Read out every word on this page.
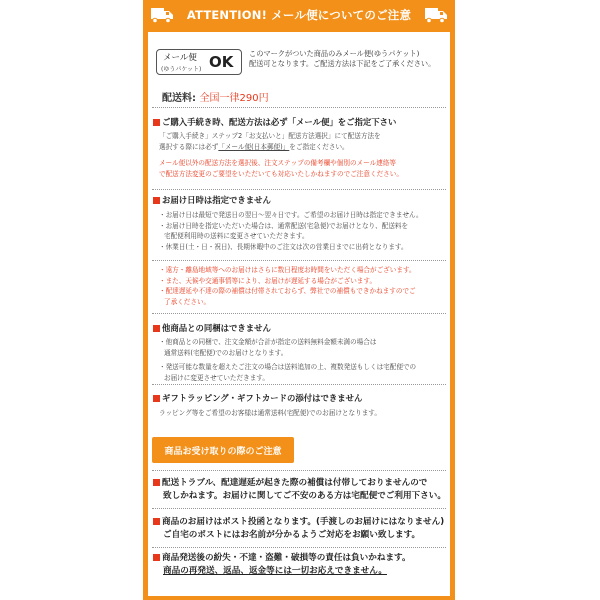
ATTENTION! メール便についてのご注意
メール便
(ゆうパケット) OK このマークがついた商品のみメール便(ゆうパケット)
配送可となります。ご配送方法は下記をご了承ください。
配送料: 全国一律290円
ご購入手続き時、配送方法は必ず「メール便」をご指定下さい
「ご購入手続き」ステップ2「お支払いと」配送方法選択」にて配送方法を
選択する際には必ず「メール便(日本郵便)」をご指定ください。
メール便以外の配送方法を選択後、注文ステップの備考欄や個別のメール連絡等
で配送方法変更のご要望をいただいても対応いたしかねますのでご注意ください。
お届け日時は指定できません
・お届け日は最短で発送日の翌日〜翌々日です。ご希望のお届け日時は指定できません。
・お届け日時を指定いただいた場合は、通常配送(宅急便)でお届けとなり、配送料を
宅配便利用時の送料に変更させていただきます。
・休業日(土・日・祝日)、長期休暇中のご注文は次の営業日までに出荷となります。
・遠方・離島地域等へのお届けはさらに数日程度お時間をいただく場合がございます。
・また、天候や交通事情等により、お届けが遅延する場合がございます。
・配達遅延や不達の際の補償は付帯されておらず、弊社での補償もできかねますのでご
了承ください。
他商品との同梱はできません
・他商品との同梱で、注文金額が合計が指定の送料無料金額未満の場合は
通常送料(宅配便)でのお届けとなります。
・発送可能な数量を超えたご注文の場合は送料追加の上、複数発送もしくは宅配便での
お届けに変更させていただきます。
ギフトラッピング・ギフトカードの添付はできません
ラッピング等をご希望のお客様は通常送料(宅配便)でのお届けとなります。
商品お受け取りの際のご注意
配送トラブル、配達遅延が起きた際の補償は付帯しておりませんので
致しかねます。お届けに関してご不安のある方は宅配便でご利用下さい。
商品のお届けはポスト投函となります。(手渡しのお届けにはなりません)
ご自宅のポストにはお名前が分かるようご対応をお願い致します。
商品発送後の紛失・不達・盗難・破損等の責任は負いかねます。
商品の再発送、返品、返金等には一切お応えできません。
